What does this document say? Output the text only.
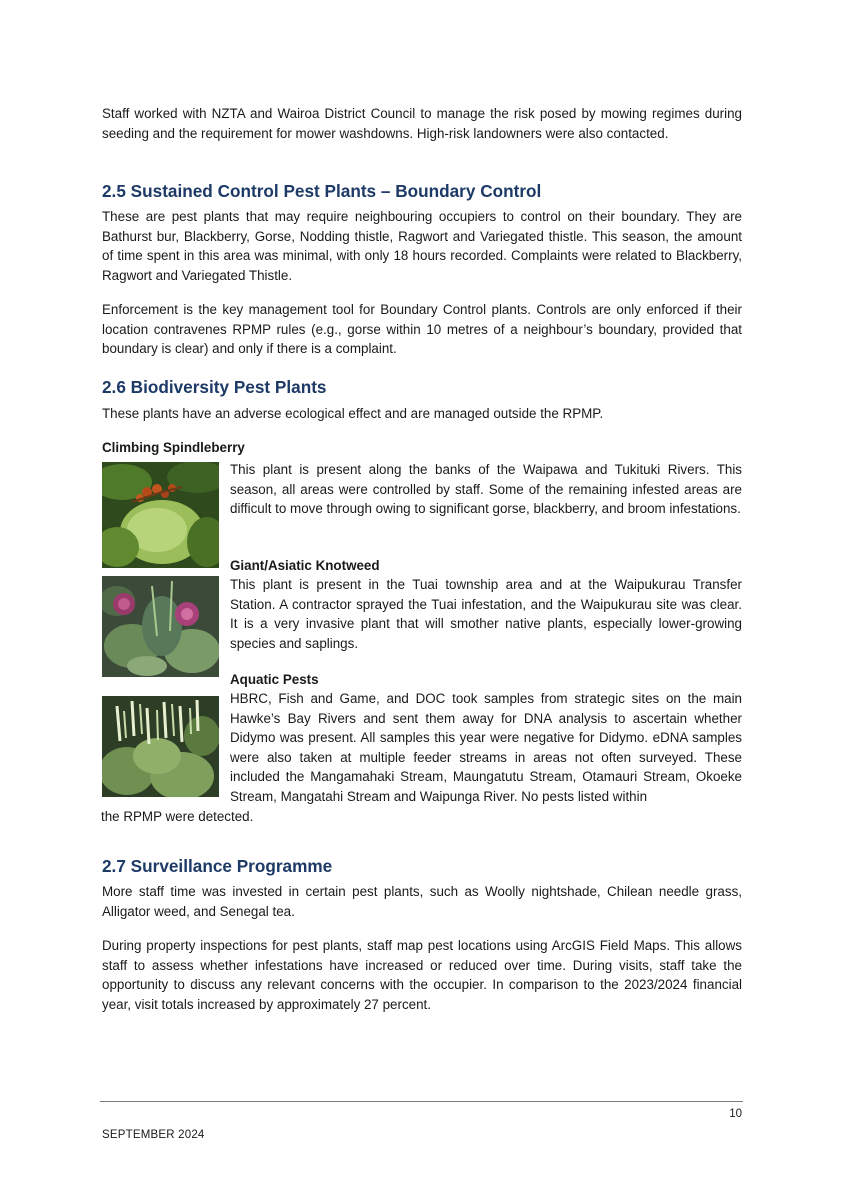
Staff worked with NZTA and Wairoa District Council to manage the risk posed by mowing regimes during seeding and the requirement for mower washdowns. High-risk landowners were also contacted.

2.5 Sustained Control Pest Plants – Boundary Control

These are pest plants that may require neighbouring occupiers to control on their boundary. They are Bathurst bur, Blackberry, Gorse, Nodding thistle, Ragwort and Variegated thistle. This season, the amount of time spent in this area was minimal, with only 18 hours recorded. Complaints were related to Blackberry, Ragwort and Variegated Thistle.

Enforcement is the key management tool for Boundary Control plants. Controls are only enforced if their location contravenes RPMP rules (e.g., gorse within 10 metres of a neighbour’s boundary, provided that boundary is clear) and only if there is a complaint.

2.6 Biodiversity Pest Plants

These plants have an adverse ecological effect and are managed outside the RPMP.

Climbing Spindleberry

This plant is present along the banks of the Waipawa and Tukituki Rivers. This season, all areas were controlled by staff. Some of the remaining infested areas are difficult to move through owing to significant gorse, blackberry, and broom infestations.

Giant/Asiatic Knotweed

This plant is present in the Tuai township area and at the Waipukurau Transfer Station. A contractor sprayed the Tuai infestation, and the Waipukurau site was clear. It is a very invasive plant that will smother native plants, especially lower-growing species and saplings.

Aquatic Pests

HBRC, Fish and Game, and DOC took samples from strategic sites on the main Hawke’s Bay Rivers and sent them away for DNA analysis to ascertain whether Didymo was present. All samples this year were negative for Didymo. eDNA samples were also taken at multiple feeder streams in areas not often surveyed. These included the Mangamahaki Stream, Maungatutu Stream, Otamauri Stream, Okoeke Stream, Mangatahi Stream and Waipunga River. No pests listed within

the RPMP were detected.

2.7 Surveillance Programme

More staff time was invested in certain pest plants, such as Woolly nightshade, Chilean needle grass, Alligator weed, and Senegal tea.

During property inspections for pest plants, staff map pest locations using ArcGIS Field Maps. This allows staff to assess whether infestations have increased or reduced over time. During visits, staff take the opportunity to discuss any relevant concerns with the occupier. In comparison to the 2023/2024 financial year, visit totals increased by approximately 27 percent.

10
SEPTEMBER 2024
